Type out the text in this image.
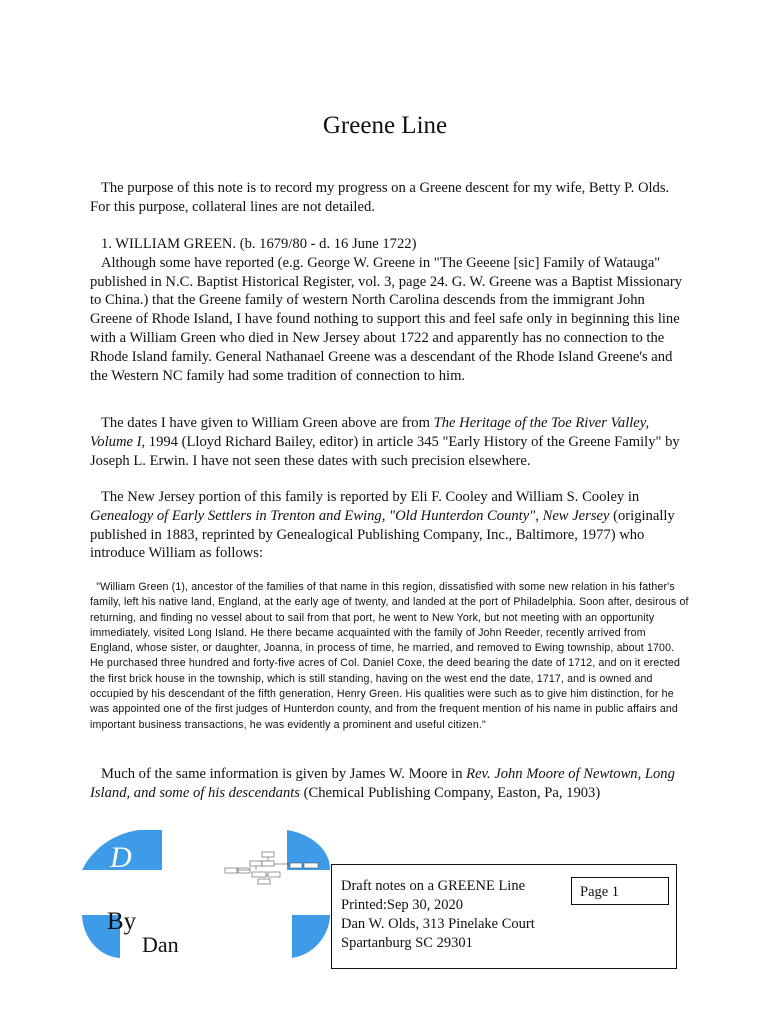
Greene Line

The purpose of this note is to record my progress on a Greene descent for my wife, Betty P. Olds. For this purpose, collateral lines are not detailed.

1. WILLIAM GREEN. (b. 1679/80 - d. 16 June 1722)
Although some have reported (e.g. George W. Greene in "The Geeene [sic] Family of Watauga" published in N.C. Baptist Historical Register, vol. 3, page 24. G. W. Greene was a Baptist Missionary to China.) that the Greene family of western North Carolina descends from the immigrant John Greene of Rhode Island, I have found nothing to support this and feel safe only in beginning this line with a William Green who died in New Jersey about 1722 and apparently has no connection to the Rhode Island family. General Nathanael Greene was a descendant of the Rhode Island Greene's and the Western NC family had some tradition of connection to him.

The dates I have given to William Green above are from The Heritage of the Toe River Valley, Volume I, 1994 (Lloyd Richard Bailey, editor) in article 345 "Early History of the Greene Family" by Joseph L. Erwin. I have not seen these dates with such precision elsewhere.

The New Jersey portion of this family is reported by Eli F. Cooley and William S. Cooley in Genealogy of Early Settlers in Trenton and Ewing, "Old Hunterdon County", New Jersey (originally published in 1883, reprinted by Genealogical Publishing Company, Inc., Baltimore, 1977) who introduce William as follows:

"William Green (1), ancestor of the families of that name in this region, dissatisfied with some new relation in his father's family, left his native land, England, at the early age of twenty, and landed at the port of Philadelphia. Soon after, desirous of returning, and finding no vessel about to sail from that port, he went to New York, but not meeting with an opportunity immediately, visited Long Island. He there became acquainted with the family of John Reeder, recently arrived from England, whose sister, or daughter, Joanna, in process of time, he married, and removed to Ewing township, about 1700. He purchased three hundred and forty-five acres of Col. Daniel Coxe, the deed bearing the date of 1712, and on it erected the first brick house in the township, which is still standing, having on the west end the date, 1717, and is owned and occupied by his descendant of the fifth generation, Henry Green. His qualities were such as to give him distinction, for he was appointed one of the first judges of Hunterdon county, and from the frequent mention of his name in public affairs and important business transactions, he was evidently a prominent and useful citizen."

Much of the same information is given by James W. Moore in Rev. John Moore of Newtown, Long Island, and some of his descendants (Chemical Publishing Company, Easton, Pa, 1903)

D
By
Dan

Draft notes on a GREENE Line

Printed:Sep 30, 2020

Dan W. Olds, 313 Pinelake Court

Spartanburg SC 29301

Page 1
